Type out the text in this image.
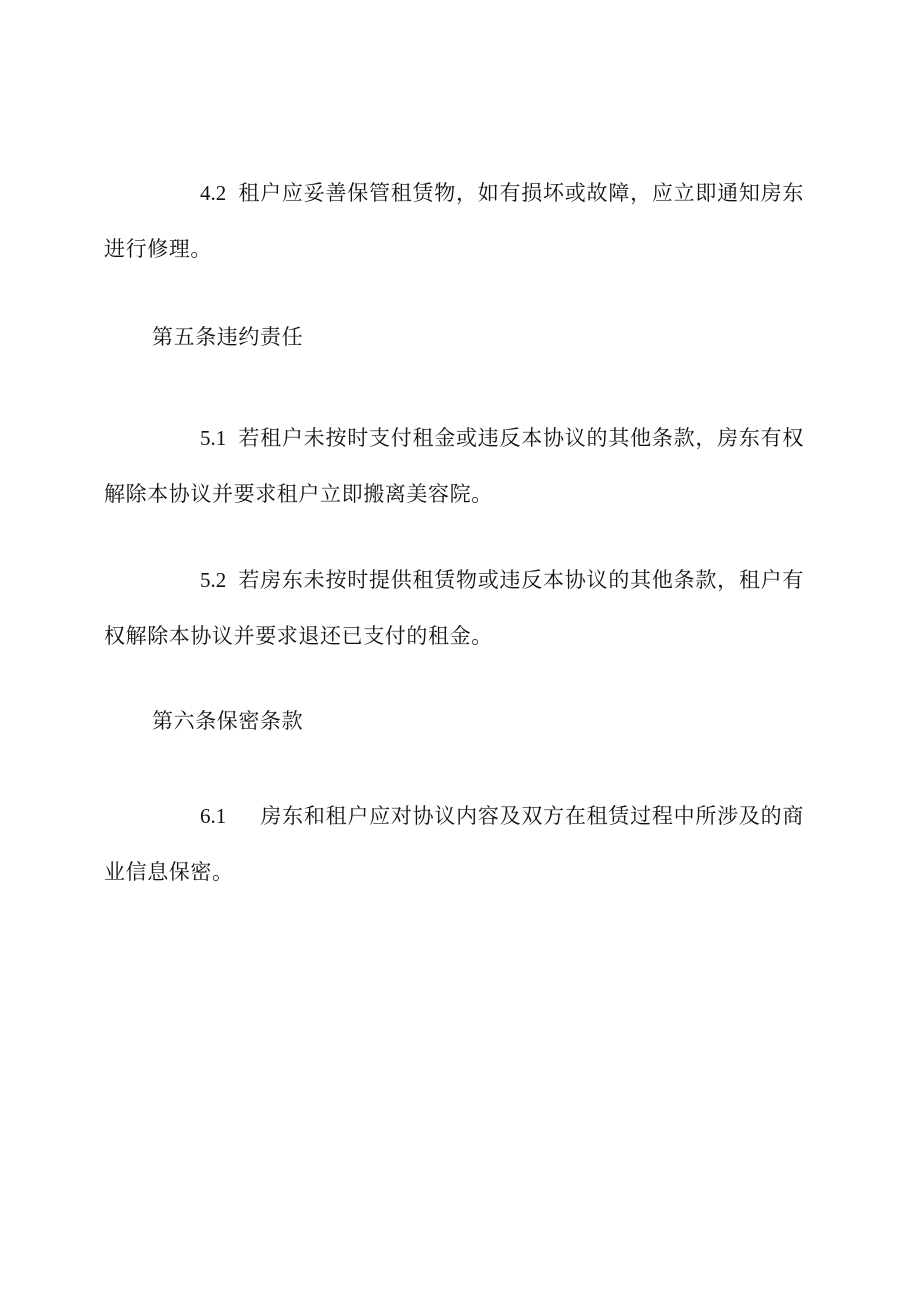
4.2 租户应妥善保管租赁物，如有损坏或故障，应立即通知房东进行修理。

第五条违约责任

5.1 若租户未按时支付租金或违反本协议的其他条款，房东有权解除本协议并要求租户立即搬离美容院。

5.2 若房东未按时提供租赁物或违反本协议的其他条款，租户有权解除本协议并要求退还已支付的租金。

第六条保密条款

6.1 房东和租户应对协议内容及双方在租赁过程中所涉及的商业信息保密。
